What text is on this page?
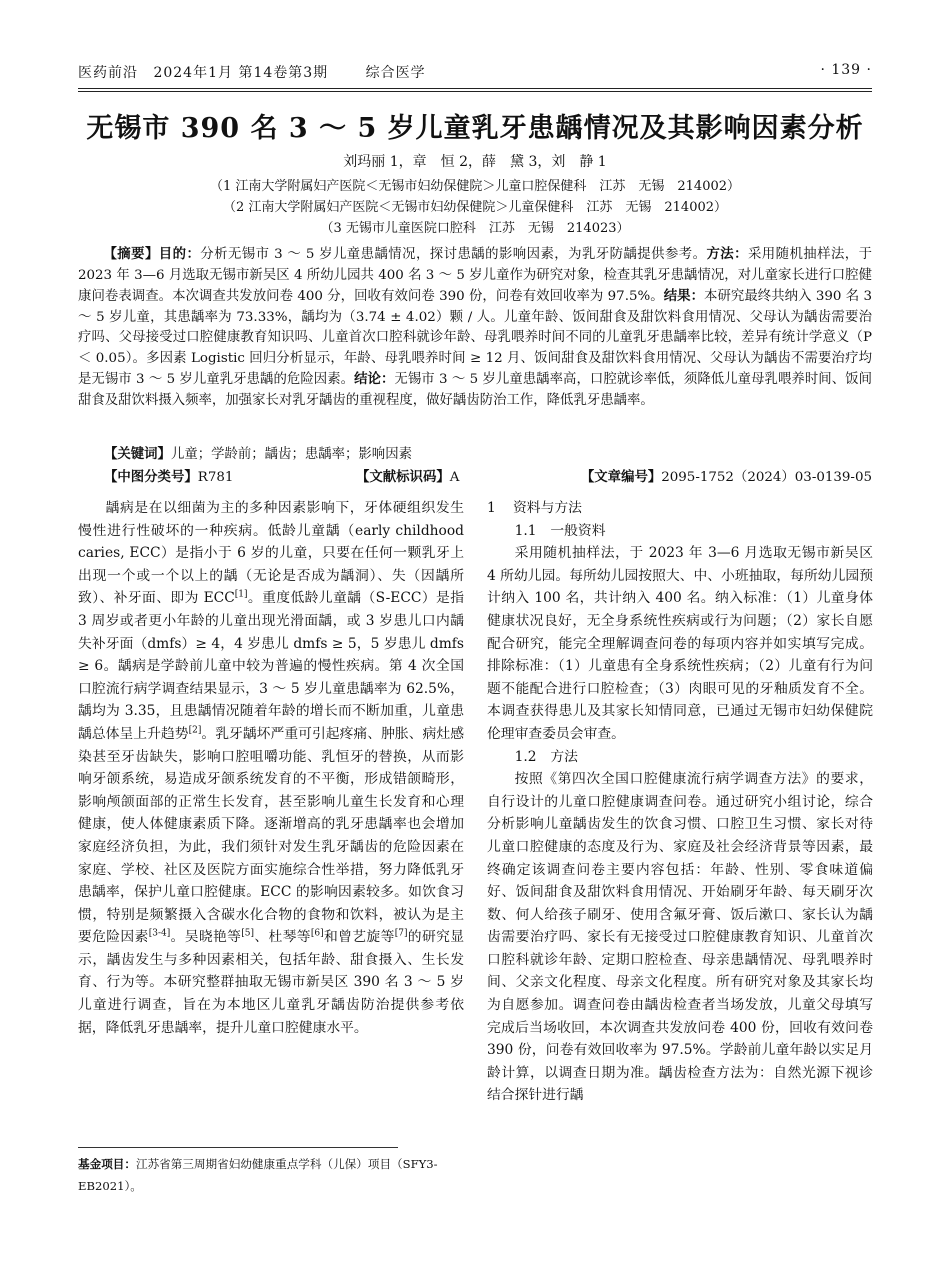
医药前沿 2024年1月 第14卷第3期	综合医学	· 139 ·
无锡市 390 名 3 ～ 5 岁儿童乳牙患龋情况及其影响因素分析
刘玛丽 1，章　恒 2，薛　黛 3，刘　静 1
（1 江南大学附属妇产医院＜无锡市妇幼保健院＞儿童口腔保健科　江苏　无锡　214002）
（2 江南大学附属妇产医院＜无锡市妇幼保健院＞儿童保健科　江苏　无锡　214002）
（3 无锡市儿童医院口腔科　江苏　无锡　214023）
【摘要】目的：分析无锡市 3 ～ 5 岁儿童患龋情况，探讨患龋的影响因素，为乳牙防龋提供参考。方法：采用随机抽样法，于 2023 年 3—6 月选取无锡市新吴区 4 所幼儿园共 400 名 3 ～ 5 岁儿童作为研究对象，检查其乳牙患龋情况，对儿童家长进行口腔健康问卷表调查。本次调查共发放问卷 400 分，回收有效问卷 390 份，问卷有效回收率为 97.5%。结果：本研究最终共纳入 390 名 3 ～ 5 岁儿童，其患龋率为 73.33%，龋均为（3.74 ± 4.02）颗 / 人。儿童年龄、饭间甜食及甜饮料食用情况、父母认为龋齿需要治疗吗、父母接受过口腔健康教育知识吗、儿童首次口腔科就诊年龄、母乳喂养时间不同的儿童乳牙患龋率比较，差异有统计学意义（P ＜ 0.05）。多因素 Logistic 回归分析显示，年龄、母乳喂养时间 ≥ 12 月、饭间甜食及甜饮料食用情况、父母认为龋齿不需要治疗均是无锡市 3 ～ 5 岁儿童乳牙患龋的危险因素。结论：无锡市 3 ～ 5 岁儿童患龋率高，口腔就诊率低，须降低儿童母乳喂养时间、饭间甜食及甜饮料摄入频率，加强家长对乳牙龋齿的重视程度，做好龋齿防治工作，降低乳牙患龋率。
【关键词】儿童；学龄前；龋齿；患龋率；影响因素
【中图分类号】R781	【文献标识码】A	【文章编号】2095-1752（2024）03-0139-05

龋病是在以细菌为主的多种因素影响下，牙体硬组织发生慢性进行性破坏的一种疾病。低龄儿童龋（early childhood caries, ECC）是指小于 6 岁的儿童，只要在任何一颗乳牙上出现一个或一个以上的龋（无论是否成为龋洞）、失（因龋所致）、补牙面、即为 ECC[1]。重度低龄儿童龋（S-ECC）是指 3 周岁或者更小年龄的儿童出现光滑面龋，或 3 岁患儿口内龋失补牙面（dmfs）≥ 4，4 岁患儿 dmfs ≥ 5，5 岁患儿 dmfs ≥ 6。龋病是学龄前儿童中较为普遍的慢性疾病。第 4 次全国口腔流行病学调查结果显示，3 ～ 5 岁儿童患龋率为 62.5%，龋均为 3.35，且患龋情况随着年龄的增长而不断加重，儿童患龋总体呈上升趋势[2]。乳牙龋坏严重可引起疼痛、肿胀、病灶感染甚至牙齿缺失，影响口腔咀嚼功能、乳恒牙的替换，从而影响牙颌系统，易造成牙颌系统发育的不平衡，形成错颌畸形，影响颅颌面部的正常生长发育，甚至影响儿童生长发育和心理健康，使人体健康素质下降。逐渐增高的乳牙患龋率也会增加家庭经济负担，为此，我们须针对发生乳牙龋齿的危险因素在家庭、学校、社区及医院方面实施综合性举措，努力降低乳牙患龋率，保护儿童口腔健康。ECC 的影响因素较多。如饮食习惯，特别是频繁摄入含碳水化合物的食物和饮料，被认为是主要危险因素[3-4]。吴晓艳等[5]、杜琴等[6]和曾艺旋等[7]的研究显示，龋齿发生与多种因素相关，包括年龄、甜食摄入、生长发育、行为等。本研究整群抽取无锡市新吴区 390 名 3 ～ 5 岁儿童进行调查，旨在为本地区儿童乳牙龋齿防治提供参考依据，降低乳牙患龋率，提升儿童口腔健康水平。

基金项目：江苏省第三周期省妇幼健康重点学科（儿保）项目（SFY3-EB2021）。
1 资料与方法
1.1　一般资料

采用随机抽样法，于 2023 年 3—6 月选取无锡市新吴区 4 所幼儿园。每所幼儿园按照大、中、小班抽取，每所幼儿园预计纳入 100 名，共计纳入 400 名。纳入标准：（1）儿童身体健康状况良好，无全身系统性疾病或行为问题；（2）家长自愿配合研究，能完全理解调查问卷的每项内容并如实填写完成。排除标准：（1）儿童患有全身系统性疾病；（2）儿童有行为问题不能配合进行口腔检查；（3）肉眼可见的牙釉质发育不全。本调查获得患儿及其家长知情同意，已通过无锡市妇幼保健院伦理审查委员会审查。

1.2　方法

按照《第四次全国口腔健康流行病学调查方法》的要求，自行设计的儿童口腔健康调查问卷。通过研究小组讨论，综合分析影响儿童龋齿发生的饮食习惯、口腔卫生习惯、家长对待儿童口腔健康的态度及行为、家庭及社会经济背景等因素，最终确定该调查问卷主要内容包括：年龄、性别、零食味道偏好、饭间甜食及甜饮料食用情况、开始刷牙年龄、每天刷牙次数、何人给孩子刷牙、使用含氟牙膏、饭后漱口、家长认为龋齿需要治疗吗、家长有无接受过口腔健康教育知识、儿童首次口腔科就诊年龄、定期口腔检查、母亲患龋情况、母乳喂养时间、父亲文化程度、母亲文化程度。所有研究对象及其家长均为自愿参加。调查问卷由龋齿检查者当场发放，儿童父母填写完成后当场收回，本次调查共发放问卷 400 份，回收有效问卷 390 份，问卷有效回收率为 97.5%。学龄前儿童年龄以实足月龄计算，以调查日期为准。龋齿检查方法为：自然光源下视诊结合探针进行龋
